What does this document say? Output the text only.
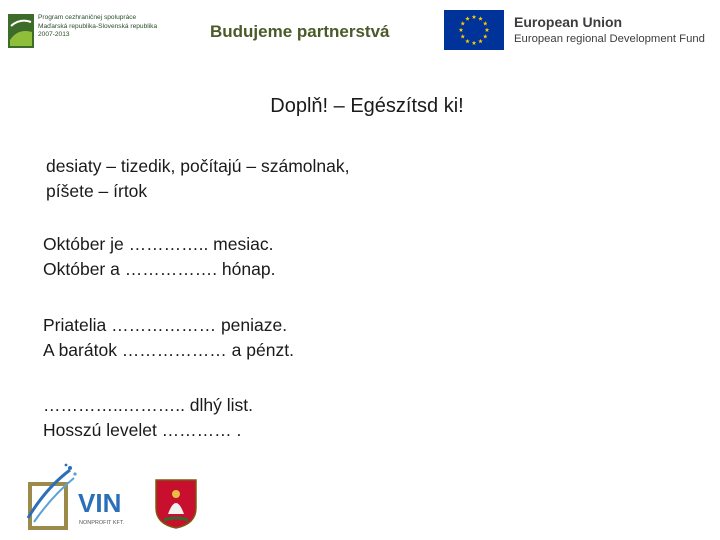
Program cezhraničnej spolupráce
Maďarská republika-Slovenská republika
2007-2013	Budujeme partnerstvá	European Union
European regional Development Fund
Doplň! – Egészítsd ki!
desiaty – tizedik, počítajú – számolnak,
píšete – írtok
Október je ………….. mesiac.
Október a ……………. hónap.
Priatelia ……………… peniaze.
A barátok ……………… a pénzt.
…………..……….. dlhý list.
Hosszú levelet ………… .
VIN
NONPROFIT KFT.
